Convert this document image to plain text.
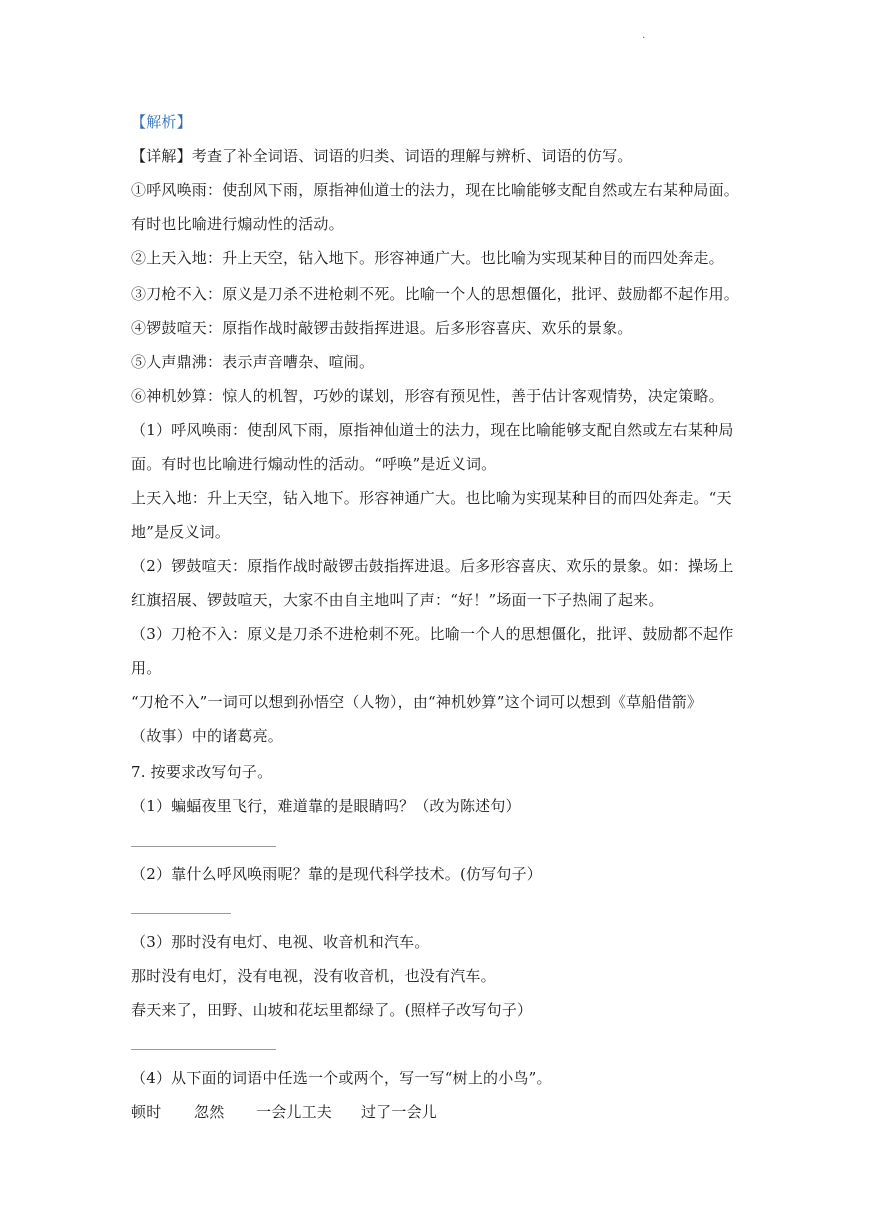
.
【解析】
【详解】考查了补全词语、词语的归类、词语的理解与辨析、词语的仿写。
①呼风唤雨：使刮风下雨，原指神仙道士的法力，现在比喻能够支配自然或左右某种局面。
有时也比喻进行煽动性的活动。
②上天入地：升上天空，钻入地下。形容神通广大。也比喻为实现某种目的而四处奔走。
③刀枪不入：原义是刀杀不进枪刺不死。比喻一个人的思想僵化，批评、鼓励都不起作用。
④锣鼓喧天：原指作战时敲锣击鼓指挥进退。后多形容喜庆、欢乐的景象。
⑤人声鼎沸：表示声音嘈杂、喧闹。
⑥神机妙算：惊人的机智，巧妙的谋划，形容有预见性，善于估计客观情势，决定策略。
（1）呼风唤雨：使刮风下雨，原指神仙道士的法力，现在比喻能够支配自然或左右某种局
面。有时也比喻进行煽动性的活动。“呼唤”是近义词。
上天入地：升上天空，钻入地下。形容神通广大。也比喻为实现某种目的而四处奔走。“天
地”是反义词。
（2）锣鼓喧天：原指作战时敲锣击鼓指挥进退。后多形容喜庆、欢乐的景象。如：操场上
红旗招展、锣鼓喧天，大家不由自主地叫了声：“好！”场面一下子热闹了起来。
（3）刀枪不入：原义是刀杀不进枪刺不死。比喻一个人的思想僵化，批评、鼓励都不起作
用。
“刀枪不入”一词可以想到孙悟空（人物），由“神机妙算”这个词可以想到《草船借箭》
（故事）中的诸葛亮。
7. 按要求改写句子。
（1）蝙蝠夜里飞行，难道靠的是眼睛吗？（改为陈述句）
（2）靠什么呼风唤雨呢？靠的是现代科学技术。(仿写句子）
（3）那时没有电灯、电视、收音机和汽车。
那时没有电灯，没有电视，没有收音机，也没有汽车。
春天来了，田野、山坡和花坛里都绿了。(照样子改写句子）
（4）从下面的词语中任选一个或两个，写一写“树上的小鸟”。
顿时 忽然 一会儿工夫 过了一会儿
